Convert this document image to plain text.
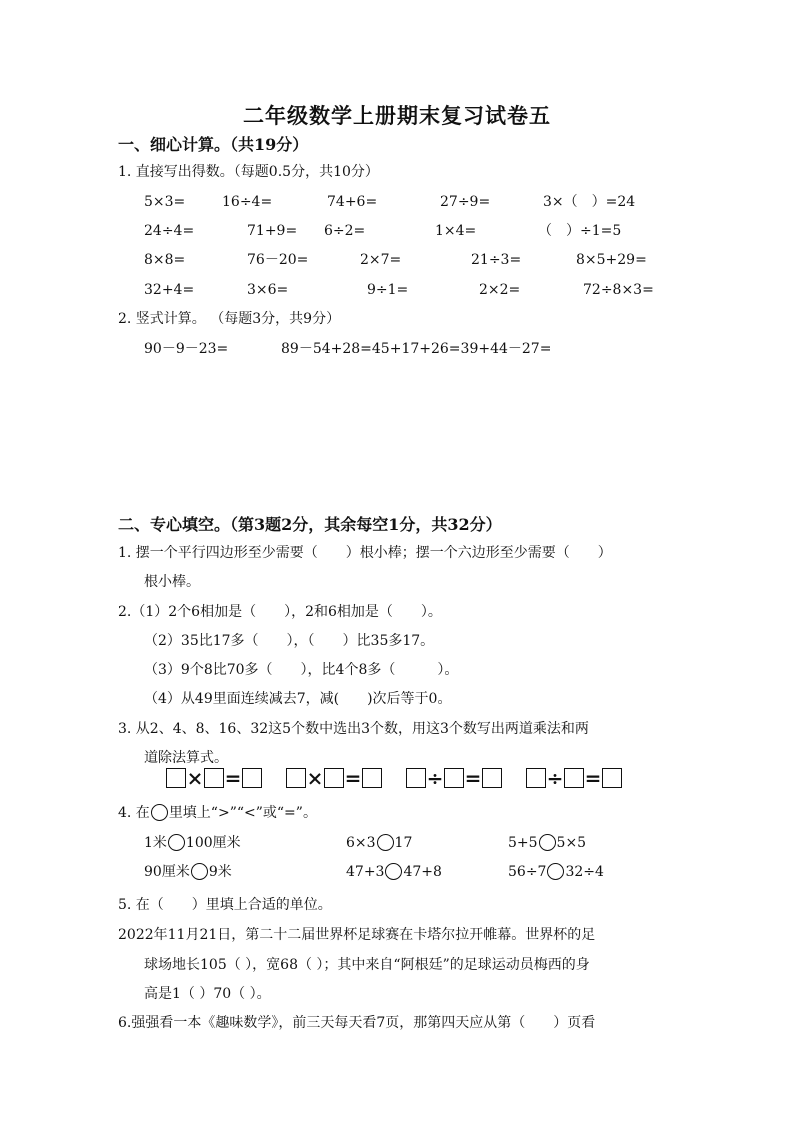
二年级数学上册期末复习试卷五
一、细心计算。（共19分）
1. 直接写出得数。（每题0.5分，共10分）
5×3=	16÷4=	74+6=	27÷9=	3×（　）=24
24÷4=	71+9= 6÷2=	1×4=	（　）÷1=5
8×8=	76－20=	2×7=	21÷3=	8×5+29=
32+4=	3×6=	9÷1=	2×2=	72÷8×3=
2. 竖式计算。 （每题3分，共9分）
90－9－23=	89－54+28=45+17+26=39+44－27=
二、专心填空。（第3题2分，其余每空1分，共32分）
1. 摆一个平行四边形至少需要（　　）根小棒；摆一个六边形至少需要（　　）
根小棒。
2.（1）2个6相加是（　　），2和6相加是（　　）。
（2）35比17多（　　），（　　）比35多17。
（3）9个8比70多（　　），比4个8多（　　　）。
（4）从49里面连续减去7，减(　　)次后等于0。
3. 从2、4、8、16、32这5个数中选出3个数，用这3个数写出两道乘法和两
道除法算式。
× =	× =	÷ =	÷ =
4. 在 里填上“>”“<”或“=”。
1米 100厘米	6×3 17	5+5 5×5
90厘米 9米	47+3 47+8	56÷7 32÷4
5. 在（　　）里填上合适的单位。
2022年11月21日，第二十二届世界杯足球赛在卡塔尔拉开帷幕。世界杯的足
球场地长105（ ），宽68（ ）；其中来自“阿根廷”的足球运动员梅西的身
高是1（ ）70（ ）。
6.强强看一本《趣味数学》，前三天每天看7页，那第四天应从第（　　）页看
